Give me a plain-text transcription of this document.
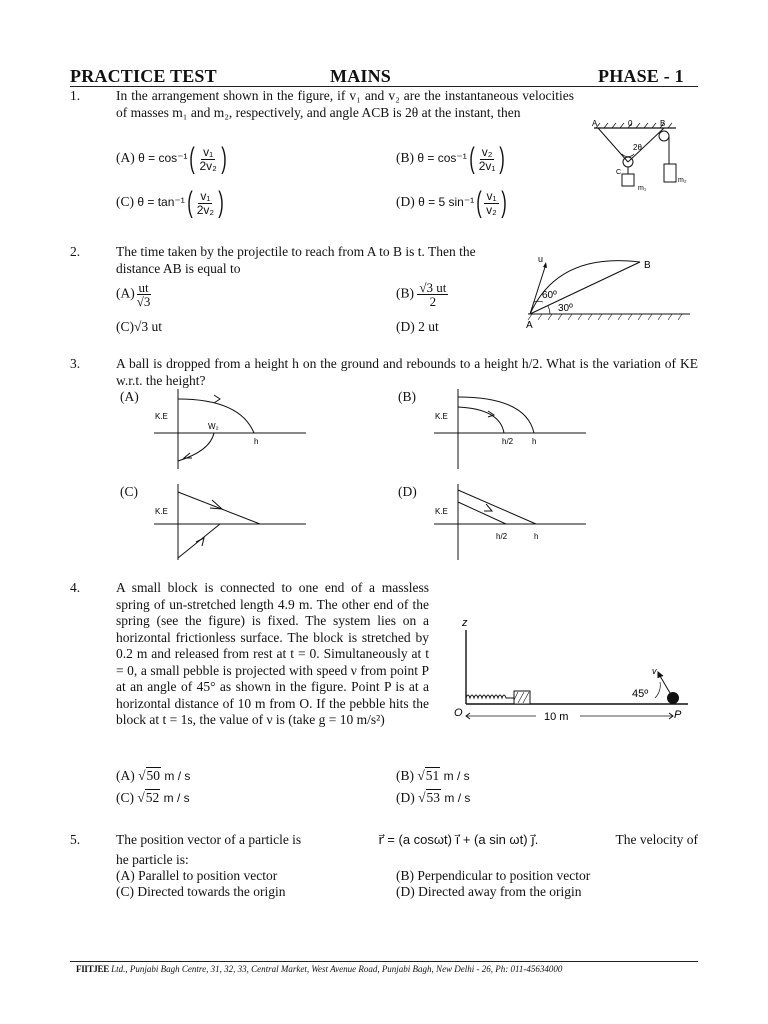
PRACTICE TEST	MAINS	PHASE - 1
1.	In the arrangement shown in the figure, if v₁ and v₂ are the instantaneous velocities of masses m₁ and m₂, respectively, and angle ACB is 2θ at the instant, then
(A) $\theta = \cos^{-1}( \frac{\text{v₁}}{\text{2v₂}}$ )	(B) $\theta = \cos^{-1}( \frac{\text{v₂}}{\text{2v₁}}$ )
(C) $\theta = \tan^{-1}( \frac{\text{v₁}}{\text{2v₂}}$ )	(D) θ = 5 $\sin^{-1}( \frac{\text{v₁}}{\text{v₂}}$ )
A	0	B
2θ
C
m₁
m₂
2.	The time taken by the projectile to reach from A to B is t. Then the distance AB is equal to
$(A) \frac{ut}{√3}$	$(B) \frac{√3 ut}{2}$
(C)√3 ut	(D) 2 ut
u
B
A
60º
30º
3.	A ball is dropped from a height h on the ground and rebounds to a height h/2. What is the variation of KE w.r.t. the height?
(A)	(B)
(C)	(D)
K.E
W₂
h
K.E
h/2 h
K.E	K.E
h/2	h
4.	A small block is connected to one end of a massless spring of un-stretched length 4.9 m. The other end of the spring (see the figure) is fixed. The system lies on a horizontal frictionless surface. The block is stretched by 0.2 m and released from rest at t = 0. Simultaneously at t = 0, a small pebble is projected with speed ν from point P at an angle of 45° as shown in the figure. Point P is at a horizontal distance of 10 m from O. If the pebble hits the block at t = 1s, the value of ν is (take g = 10 m/s²)
(A) √50 m / s	(B) √51 m / s
(C) √52 m / s	(D) √53 m / s
z
O	P
10 m
v
45º
5.	The position vector of a particle is	r⃗ = (a cosωt) i⃗ + (a sin ωt) j⃗.	The velocity of
he particle is:
(A) Parallel to position vector	(B) Perpendicular to position vector
(C) Directed towards the origin	(D) Directed away from the origin
FIITJEE Ltd., Punjabi Bagh Centre, 31, 32, 33, Central Market, West Avenue Road, Punjabi Bagh, New Delhi - 26, Ph: 011-45634000
